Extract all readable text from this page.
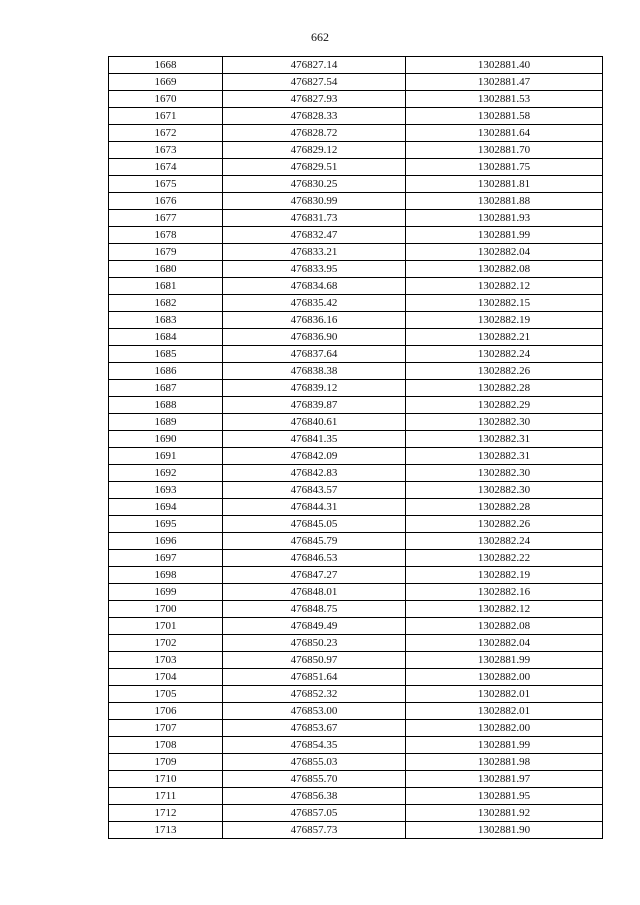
662
1668	476827.14	1302881.40
1669	476827.54	1302881.47
1670	476827.93	1302881.53
1671	476828.33	1302881.58
1672	476828.72	1302881.64
1673	476829.12	1302881.70
1674	476829.51	1302881.75
1675	476830.25	1302881.81
1676	476830.99	1302881.88
1677	476831.73	1302881.93
1678	476832.47	1302881.99
1679	476833.21	1302882.04
1680	476833.95	1302882.08
1681	476834.68	1302882.12
1682	476835.42	1302882.15
1683	476836.16	1302882.19
1684	476836.90	1302882.21
1685	476837.64	1302882.24
1686	476838.38	1302882.26
1687	476839.12	1302882.28
1688	476839.87	1302882.29
1689	476840.61	1302882.30
1690	476841.35	1302882.31
1691	476842.09	1302882.31
1692	476842.83	1302882.30
1693	476843.57	1302882.30
1694	476844.31	1302882.28
1695	476845.05	1302882.26
1696	476845.79	1302882.24
1697	476846.53	1302882.22
1698	476847.27	1302882.19
1699	476848.01	1302882.16
1700	476848.75	1302882.12
1701	476849.49	1302882.08
1702	476850.23	1302882.04
1703	476850.97	1302881.99
1704	476851.64	1302882.00
1705	476852.32	1302882.01
1706	476853.00	1302882.01
1707	476853.67	1302882.00
1708	476854.35	1302881.99
1709	476855.03	1302881.98
1710	476855.70	1302881.97
1711	476856.38	1302881.95
1712	476857.05	1302881.92
1713	476857.73	1302881.90
